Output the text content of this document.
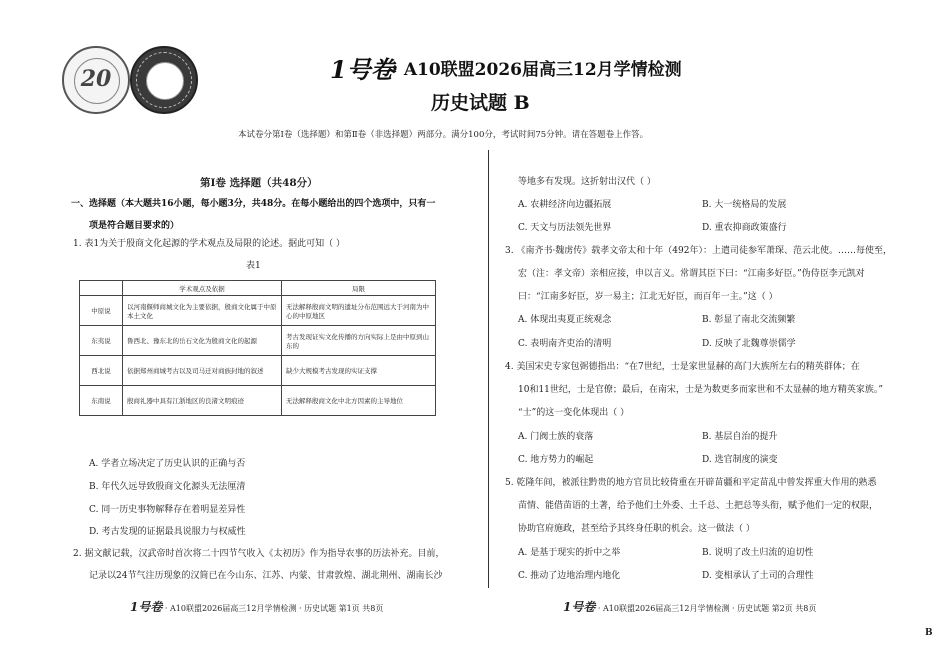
20	1号卷
· A10联盟2026届高三12月学情检测
历史试题 B
本试卷分第Ⅰ卷（选择题）和第Ⅱ卷（非选择题）两部分。满分100分，考试时间75分钟。请在答题卷上作答。
第Ⅰ卷 选择题（共48分）
一、选择题（本大题共16小题，每小题3分，共48分。在每小题给出的四个选项中，只有一
项是符合题目要求的）
1. 表1为关于殷商文化起源的学术观点及局限的论述。据此可知（ ）
表1
	学术观点及依据	局限
中原说	以河南偃师商城文化为主要依据，殷商文化属于中原本土文化	无法解释殷商文明的遗址分布范围远大于河南为中心的中原地区
东夷说	鲁西北、豫东北的岳石文化为殷商文化的起源	考古发现证实文化传播的方向实际上是由中原到山东的
西北说	依据郑州商城考古以及司马迁对商族封地的叙述	缺少大规模考古发现的实证支撑
东南说	殷商礼器中具有江浙地区的良渚文明痕迹	无法解释殷商文化中北方因素的主导地位
A. 学者立场决定了历史认识的正确与否
B. 年代久远导致殷商文化源头无法厘清
C. 同一历史事物解释存在着明显差异性
D. 考古发现的证据最具说服力与权威性
2. 据文献记载，汉武帝时首次将二十四节气收入《太初历》作为指导农事的历法补充。目前，
记录以24节气注历现象的汉简已在今山东、江苏、内蒙、甘肃敦煌、湖北荆州、湖南长沙
等地多有发现。这折射出汉代（ ）
A. 农耕经济向边疆拓展	B. 大一统格局的发展
C. 天文与历法领先世界	D. 重农抑商政策盛行
3. 《南齐书·魏虏传》载孝文帝太和十年（492年）：上遣司徒参军萧琛、范云北使。……每使至，
宏（注：孝文帝）亲相应接，申以言义。常谓其臣下曰：“江南多好臣。”伪侍臣李元凯对
曰：“江南多好臣，岁一易主；江北无好臣，而百年一主。”这（ ）
A. 体现出夷夏正统观念	B. 彰显了南北交流频繁
C. 表明南齐吏治的清明	D. 反映了北魏尊崇儒学
4. 美国宋史专家包弼德指出：“在7世纪，士是家世显赫的高门大族所左右的精英群体；在
10和11世纪，士是官僚；最后，在南宋，士是为数更多而家世和不太显赫的地方精英家族。”
“士”的这一变化体现出（ ）
A. 门阀士族的衰落	B. 基层自治的提升
C. 地方势力的崛起	D. 选官制度的演变
5. 乾隆年间，被派往黔贵的地方官员比较倚重在开辟苗疆和平定苗乱中曾发挥重大作用的熟悉
苗情、能借苗语的土著，给予他们土外委、土千总、土把总等头衔，赋予他们一定的权限，
协助官府施政，甚至给予其终身任职的机会。这一做法（ ）
A. 是基于现实的折中之举	B. 说明了改土归流的迫切性
C. 推动了边地治理内地化	D. 变相承认了土司的合理性
1号卷 · A10联盟2026届高三12月学情检测 · 历史试题 第1页 共8页	1号卷 · A10联盟2026届高三12月学情检测 · 历史试题 第2页 共8页
B
